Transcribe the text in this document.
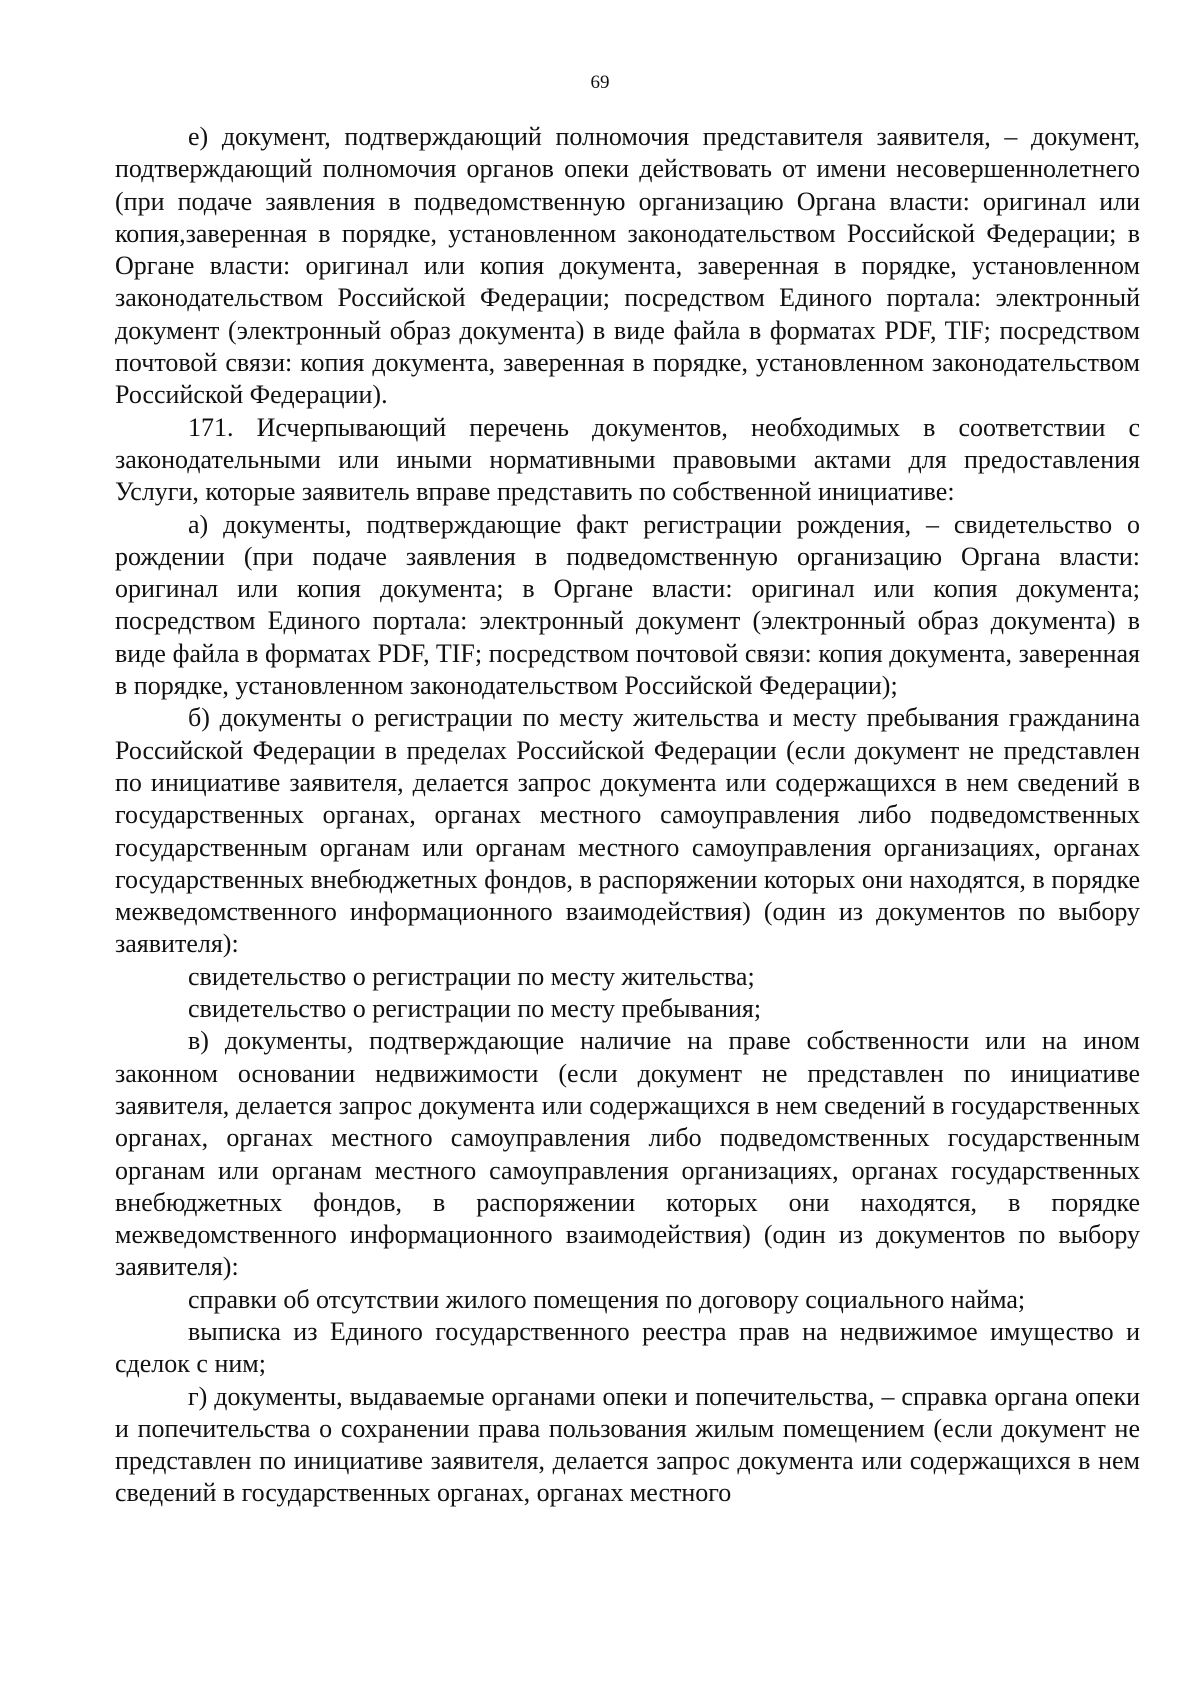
69

е) документ, подтверждающий полномочия представителя заявителя, – документ, подтверждающий полномочия органов опеки действовать от имени несовершеннолетнего (при подаче заявления в подведомственную организацию Органа власти: оригинал или копия,заверенная в порядке, установленном законодательством Российской Федерации; в Органе власти: оригинал или копия документа, заверенная в порядке, установленном законодательством Российской Федерации; посредством Единого портала: электронный документ (электронный образ документа) в виде файла в форматах PDF, TIF; посредством почтовой связи: копия документа, заверенная в порядке, установленном законодательством Российской Федерации).

171. Исчерпывающий перечень документов, необходимых в соответствии с законодательными или иными нормативными правовыми актами для предоставления Услуги, которые заявитель вправе представить по собственной инициативе:

а) документы, подтверждающие факт регистрации рождения, – свидетельство о рождении (при подаче заявления в подведомственную организацию Органа власти: оригинал или копия документа; в Органе власти: оригинал или копия документа; посредством Единого портала: электронный документ (электронный образ документа) в виде файла в форматах PDF, TIF; посредством почтовой связи: копия документа, заверенная в порядке, установленном законодательством Российской Федерации);

б) документы о регистрации по месту жительства и месту пребывания гражданина Российской Федерации в пределах Российской Федерации (если документ не представлен по инициативе заявителя, делается запрос документа или содержащихся в нем сведений в государственных органах, органах местного самоуправления либо подведомственных государственным органам или органам местного самоуправления организациях, органах государственных внебюджетных фондов, в распоряжении которых они находятся, в порядке межведомственного информационного взаимодействия) (один из документов по выбору заявителя):

свидетельство о регистрации по месту жительства;

свидетельство о регистрации по месту пребывания;

в) документы, подтверждающие наличие на праве собственности или на ином законном основании недвижимости (если документ не представлен по инициативе заявителя, делается запрос документа или содержащихся в нем сведений в государственных органах, органах местного самоуправления либо подведомственных государственным органам или органам местного самоуправления организациях, органах государственных внебюджетных фондов, в распоряжении которых они находятся, в порядке межведомственного информационного взаимодействия) (один из документов по выбору заявителя):

справки об отсутствии жилого помещения по договору социального найма;

выписка из Единого государственного реестра прав на недвижимое имущество и сделок с ним;

г) документы, выдаваемые органами опеки и попечительства, – справка органа опеки и попечительства о сохранении права пользования жилым помещением (если документ не представлен по инициативе заявителя, делается запрос документа или содержащихся в нем сведений в государственных органах, органах местного
